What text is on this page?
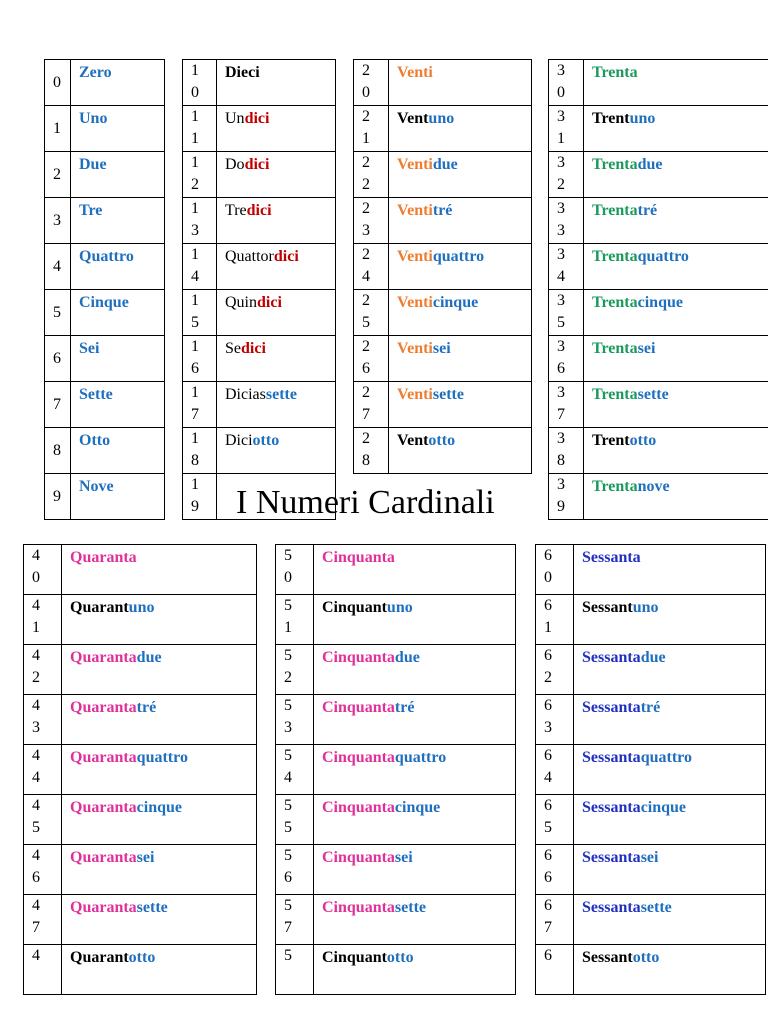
0	Zero

1	Uno

2	Due

3	Tre

4	Quattro

5	Cinque

6	Sei

7	Sette

8	Otto

9	Nove
1
0	Dieci

1
1	Undici

1
2	Dodici

1
3	Tredici

1
4	Quattordici

1
5	Quindici

1
6	Sedici

1
7	Diciassette

1
8	Diciotto

1
9	

2
0	Venti

2
1	Ventuno

2
2	Ventidue

2
3	Ventitré

2
4	Ventiquattro

2
5	Venticinque

2
6	Ventisei

2
7	Ventisette

2
8	Ventotto
3
0	Trenta

3
1	Trentuno

3
2	Trentadue

3
3	Trentatré

3
4	Trentaquattro

3
5	Trentacinque

3
6	Trentasei

3
7	Trentasette

3
8	Trentotto

3
9	Trentanove
4
0	Quaranta

4
1	Quarantuno

4
2	Quarantadue

4
3	Quarantatré

4
4	Quarantaquattro

4
5	Quarantacinque

4
6	Quarantasei

4
7	Quarantasette

4	Quarantotto
5
0	Cinquanta

5
1	Cinquantuno

5
2	Cinquantadue

5
3	Cinquantatré

5
4	Cinquantaquattro

5
5	Cinquantacinque

5
6	Cinquantasei

5
7	Cinquantasette

5	Cinquantotto
6
0	Sessanta

6
1	Sessantuno

6
2	Sessantadue

6
3	Sessantatré

6
4	Sessantaquattro

6
5	Sessantacinque

6
6	Sessantasei

6
7	Sessantasette

6	Sessantotto
I Numeri Cardinali
